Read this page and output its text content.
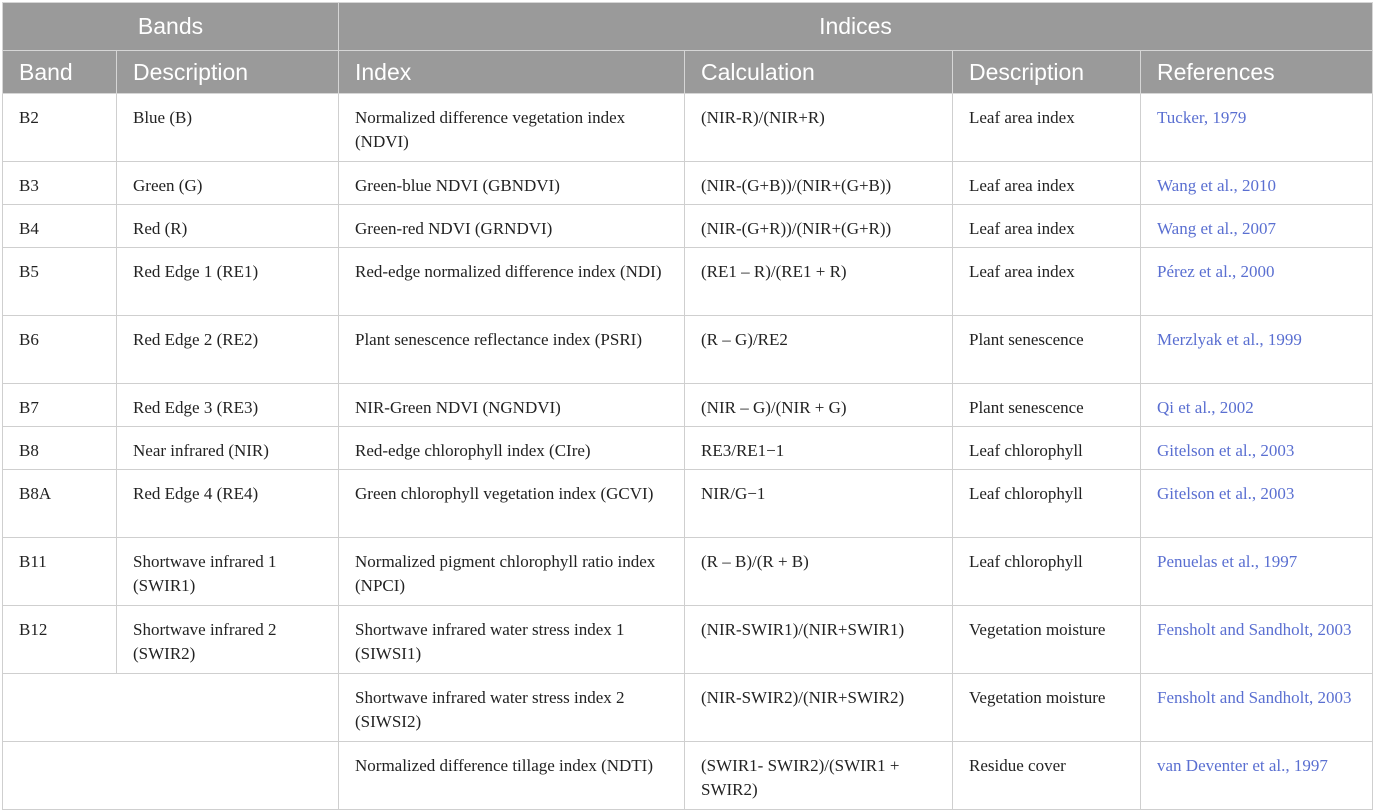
Bands		Indices			
Band	Description	Index	Calculation	Description	References
B2	Blue (B)	Normalized difference vegetation index (NDVI)	(NIR-R)/(NIR+R)	Leaf area index	Tucker, 1979
B3	Green (G)	Green-blue NDVI (GBNDVI)	(NIR-(G+B))/(NIR+(G+B))	Leaf area index	Wang et al., 2010
B4	Red (R)	Green-red NDVI (GRNDVI)	(NIR-(G+R))/(NIR+(G+R))	Leaf area index	Wang et al., 2007
B5	Red Edge 1 (RE1)	Red-edge normalized difference index (NDI)	(RE1 – R)/(RE1 + R)	Leaf area index	Pérez et al., 2000
B6	Red Edge 2 (RE2)	Plant senescence reflectance index (PSRI)	(R – G)/RE2	Plant senescence	Merzlyak et al., 1999
B7	Red Edge 3 (RE3)	NIR-Green NDVI (NGNDVI)	(NIR – G)/(NIR + G)	Plant senescence	Qi et al., 2002
B8	Near infrared (NIR)	Red-edge chlorophyll index (CIre)	RE3/RE1−1	Leaf chlorophyll	Gitelson et al., 2003
B8A	Red Edge 4 (RE4)	Green chlorophyll vegetation index (GCVI)	NIR/G−1	Leaf chlorophyll	Gitelson et al., 2003
B11	Shortwave infrared 1 (SWIR1)	Normalized pigment chlorophyll ratio index (NPCI)	(R – B)/(R + B)	Leaf chlorophyll	Penuelas et al., 1997
B12	Shortwave infrared 2 (SWIR2)	Shortwave infrared water stress index 1 (SIWSI1)	(NIR-SWIR1)/(NIR+SWIR1)	Vegetation moisture	Fensholt and Sandholt, 2003
		Shortwave infrared water stress index 2 (SIWSI2)	(NIR-SWIR2)/(NIR+SWIR2)	Vegetation moisture	Fensholt and Sandholt, 2003
		Normalized difference tillage index (NDTI)	(SWIR1- SWIR2)/(SWIR1 + SWIR2)	Residue cover	van Deventer et al., 1997
